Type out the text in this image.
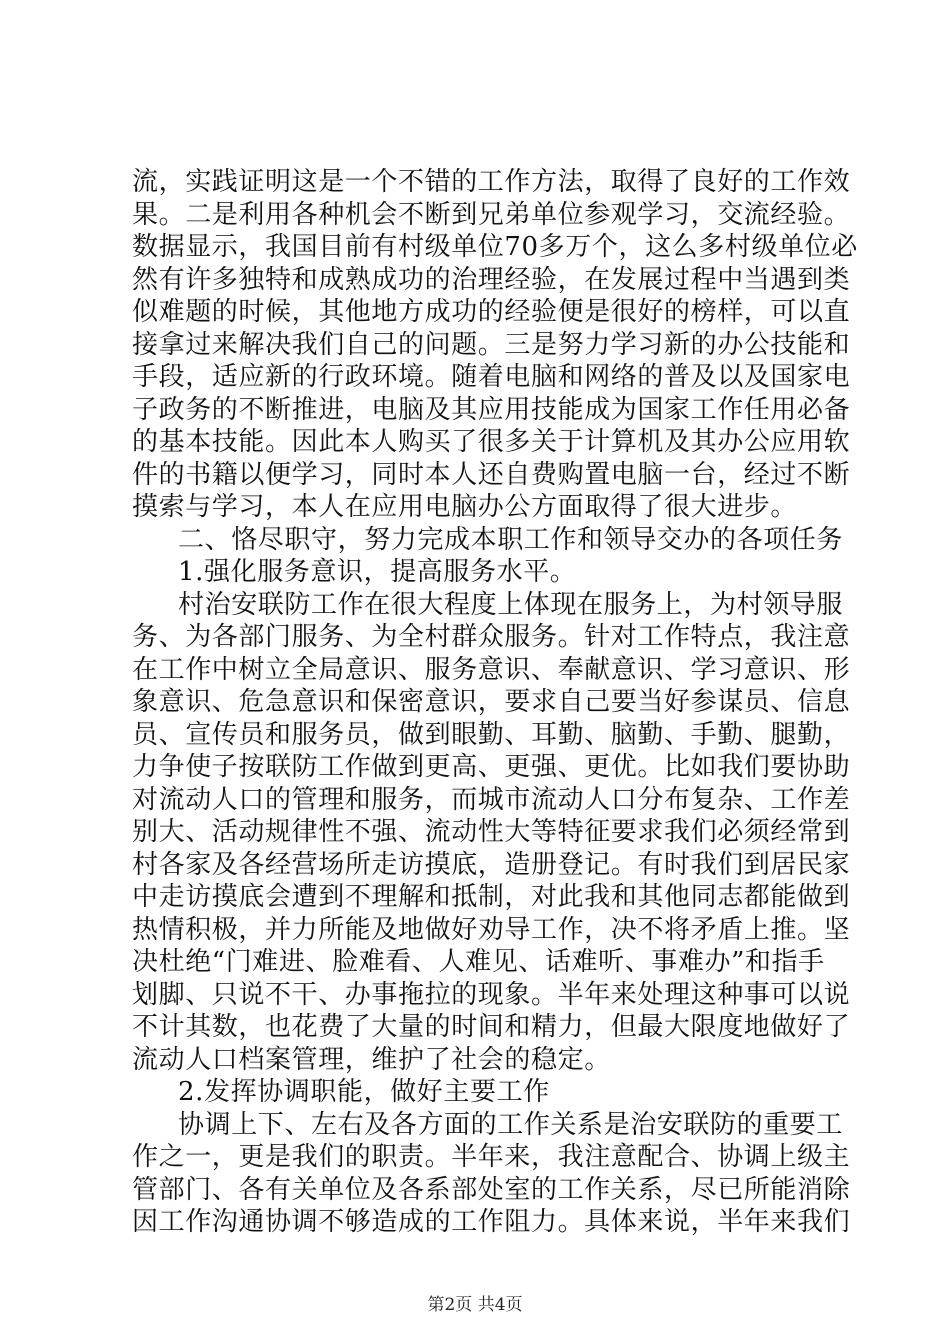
流，实践证明这是一个不错的工作方法，取得了良好的工作效
果。二是利用各种机会不断到兄弟单位参观学习，交流经验。
数据显示，我国目前有村级单位70多万个，这么多村级单位必
然有许多独特和成熟成功的治理经验，在发展过程中当遇到类
似难题的时候，其他地方成功的经验便是很好的榜样，可以直
接拿过来解决我们自己的问题。三是努力学习新的办公技能和
手段，适应新的行政环境。随着电脑和网络的普及以及国家电
子政务的不断推进，电脑及其应用技能成为国家工作任用必备
的基本技能。因此本人购买了很多关于计算机及其办公应用软
件的书籍以便学习，同时本人还自费购置电脑一台，经过不断
摸索与学习，本人在应用电脑办公方面取得了很大进步。
二、恪尽职守，努力完成本职工作和领导交办的各项任务
1.强化服务意识，提高服务水平。
村治安联防工作在很大程度上体现在服务上，为村领导服
务、为各部门服务、为全村群众服务。针对工作特点，我注意
在工作中树立全局意识、服务意识、奉献意识、学习意识、形
象意识、危急意识和保密意识，要求自己要当好参谋员、信息
员、宣传员和服务员，做到眼勤、耳勤、脑勤、手勤、腿勤，
力争使子按联防工作做到更高、更强、更优。比如我们要协助
对流动人口的管理和服务，而城市流动人口分布复杂、工作差
别大、活动规律性不强、流动性大等特征要求我们必须经常到
村各家及各经营场所走访摸底，造册登记。有时我们到居民家
中走访摸底会遭到不理解和抵制，对此我和其他同志都能做到
热情积极，并力所能及地做好劝导工作，决不将矛盾上推。坚
决杜绝“门难进、脸难看、人难见、话难听、事难办”和指手
划脚、只说不干、办事拖拉的现象。半年来处理这种事可以说
不计其数，也花费了大量的时间和精力，但最大限度地做好了
流动人口档案管理，维护了社会的稳定。
2.发挥协调职能，做好主要工作
协调上下、左右及各方面的工作关系是治安联防的重要工
作之一，更是我们的职责。半年来，我注意配合、协调上级主
管部门、各有关单位及各系部处室的工作关系，尽已所能消除
因工作沟通协调不够造成的工作阻力。具体来说，半年来我们
第2页 共4页
